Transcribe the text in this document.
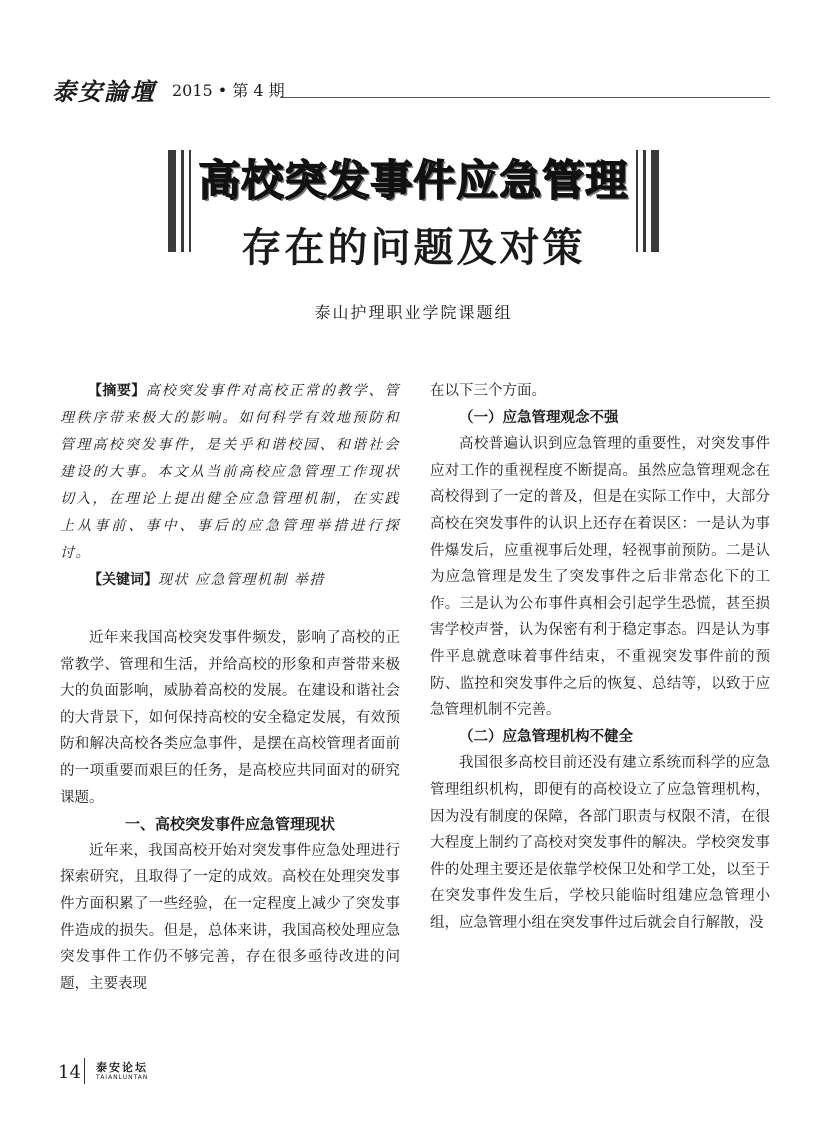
泰安論壇 2015 • 第 4 期
高校突发事件应急管理
存在的问题及对策
泰山护理职业学院课题组

【摘要】高校突发事件对高校正常的教学、管理秩序带来极大的影响。如何科学有效地预防和管理高校突发事件，是关乎和谐校园、和谐社会建设的大事。本文从当前高校应急管理工作现状切入，在理论上提出健全应急管理机制，在实践上从事前、事中、事后的应急管理举措进行探讨。

【关键词】现状 应急管理机制 举措

近年来我国高校突发事件频发，影响了高校的正常教学、管理和生活，并给高校的形象和声誉带来极大的负面影响，威胁着高校的发展。在建设和谐社会的大背景下，如何保持高校的安全稳定发展，有效预防和解决高校各类应急事件，是摆在高校管理者面前的一项重要而艰巨的任务，是高校应共同面对的研究课题。

一、高校突发事件应急管理现状

近年来，我国高校开始对突发事件应急处理进行探索研究，且取得了一定的成效。高校在处理突发事件方面积累了一些经验，在一定程度上减少了突发事件造成的损失。但是，总体来讲，我国高校处理应急突发事件工作仍不够完善，存在很多亟待改进的问题，主要表现

在以下三个方面。

（一）应急管理观念不强

高校普遍认识到应急管理的重要性，对突发事件应对工作的重视程度不断提高。虽然应急管理观念在高校得到了一定的普及，但是在实际工作中，大部分高校在突发事件的认识上还存在着误区：一是认为事件爆发后，应重视事后处理，轻视事前预防。二是认为应急管理是发生了突发事件之后非常态化下的工作。三是认为公布事件真相会引起学生恐慌，甚至损害学校声誉，认为保密有利于稳定事态。四是认为事件平息就意味着事件结束，不重视突发事件前的预防、监控和突发事件之后的恢复、总结等，以致于应急管理机制不完善。

（二）应急管理机构不健全

我国很多高校目前还没有建立系统而科学的应急管理组织机构，即便有的高校设立了应急管理机构，因为没有制度的保障，各部门职责与权限不清，在很大程度上制约了高校对突发事件的解决。学校突发事件的处理主要还是依靠学校保卫处和学工处，以至于在突发事件发生后，学校只能临时组建应急管理小组，应急管理小组在突发事件过后就会自行解散，没

14 泰安论坛
TAIANLUNTAN
